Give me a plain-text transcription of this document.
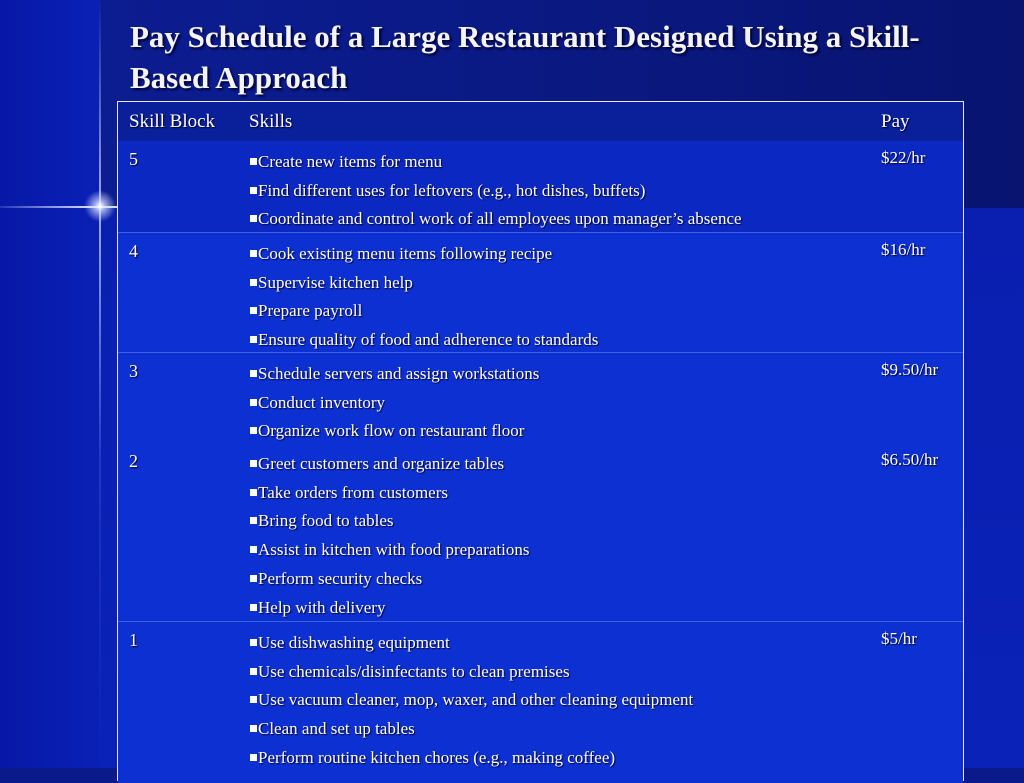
Pay Schedule of a Large Restaurant Designed Using a Skill-Based Approach
Skill Block Skills	Pay
5	Create new items for menu
Find different uses for leftovers (e.g., hot dishes, buffets)
Coordinate and control work of all employees upon manager’s absence
$22/hr
4	Cook existing menu items following recipe
Supervise kitchen help
Prepare payroll
Ensure quality of food and adherence to standards
$16/hr
3	Schedule servers and assign workstations
Conduct inventory
Organize work flow on restaurant floor
$9.50/hr
2	Greet customers and organize tables
Take orders from customers
Bring food to tables
Assist in kitchen with food preparations
Perform security checks
Help with delivery
$6.50/hr
1	Use dishwashing equipment
Use chemicals/disinfectants to clean premises
Use vacuum cleaner, mop, waxer, and other cleaning equipment
Clean and set up tables
Perform routine kitchen chores (e.g., making coffee)
$5/hr
